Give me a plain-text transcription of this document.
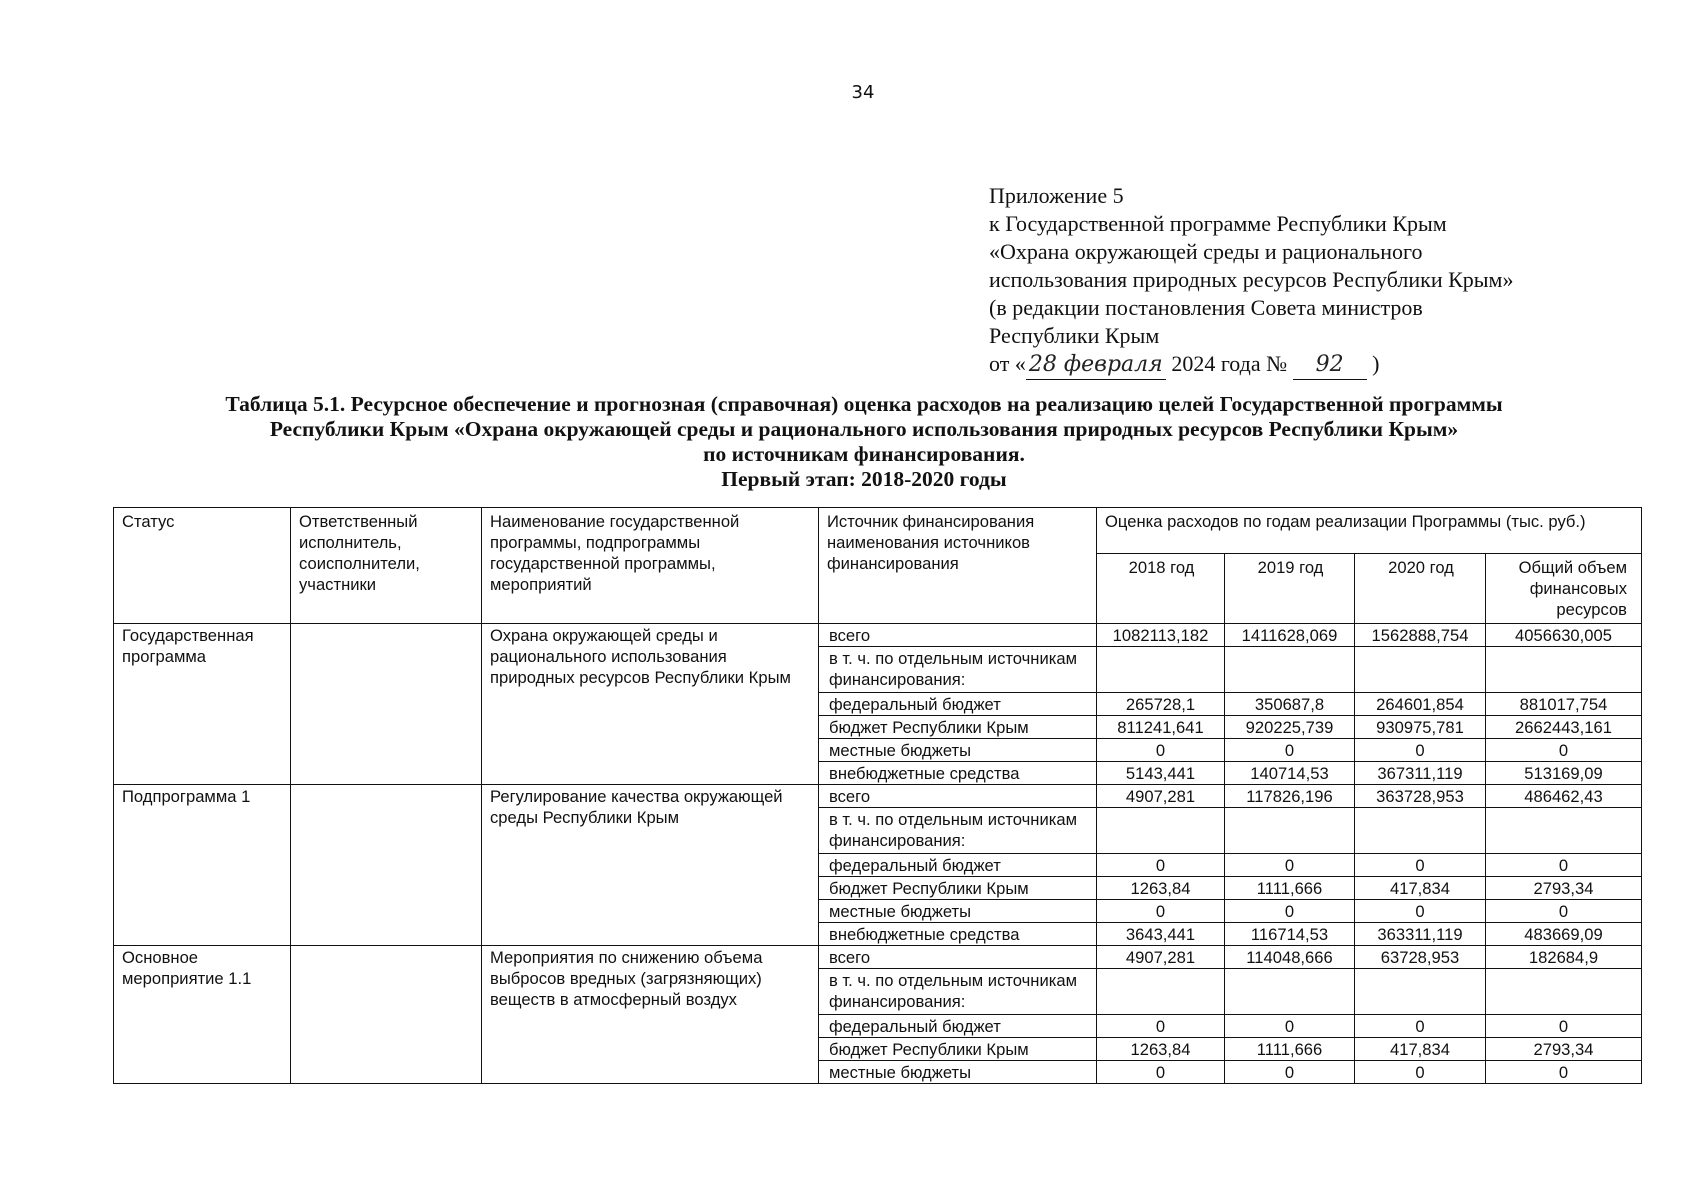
34
Приложение 5
к Государственной программе Республики Крым
«Охрана окружающей среды и рационального
использования природных ресурсов Республики Крым»
(в редакции постановления Совета министров
Республики Крым
от « 28 февраля 2024 года № 92 )
Таблица 5.1. Ресурсное обеспечение и прогнозная (справочная) оценка расходов на реализацию целей Государственной программы
Республики Крым «Охрана окружающей среды и рационального использования природных ресурсов Республики Крым»
по источникам финансирования.
Первый этап: 2018-2020 годы
Статус	Ответственный исполнитель, соисполнители, участники	Наименование государственной программы, подпрограммы государственной программы, мероприятий	Источник финансирования наименования источников финансирования	Оценка расходов по годам реализации Программы (тыс. руб.)			
				2018 год	2019 год	2020 год	Общий объем финансовых ресурсов
Государственная программа		Охрана окружающей среды и рационального использования природных ресурсов Республики Крым	всего	1082113,182	1411628,069	1562888,754	4056630,005
			в т. ч. по отдельным источникам финансирования:				
			федеральный бюджет	265728,1	350687,8	264601,854	881017,754
			бюджет Республики Крым	811241,641	920225,739	930975,781	2662443,161
			местные бюджеты	0	0	0	0
			внебюджетные средства	5143,441	140714,53	367311,119	513169,09
Подпрограмма 1		Регулирование качества окружающей среды Республики Крым	всего	4907,281	117826,196	363728,953	486462,43
			в т. ч. по отдельным источникам финансирования:				
			федеральный бюджет	0	0	0	0
			бюджет Республики Крым	1263,84	1111,666	417,834	2793,34
			местные бюджеты	0	0	0	0
			внебюджетные средства	3643,441	116714,53	363311,119	483669,09
Основное мероприятие 1.1		Мероприятия по снижению объема выбросов вредных (загрязняющих) веществ в атмосферный воздух	всего	4907,281	114048,666	63728,953	182684,9
			в т. ч. по отдельным источникам финансирования:				
			федеральный бюджет	0	0	0	0
			бюджет Республики Крым	1263,84	1111,666	417,834	2793,34
			местные бюджеты	0	0	0	0
